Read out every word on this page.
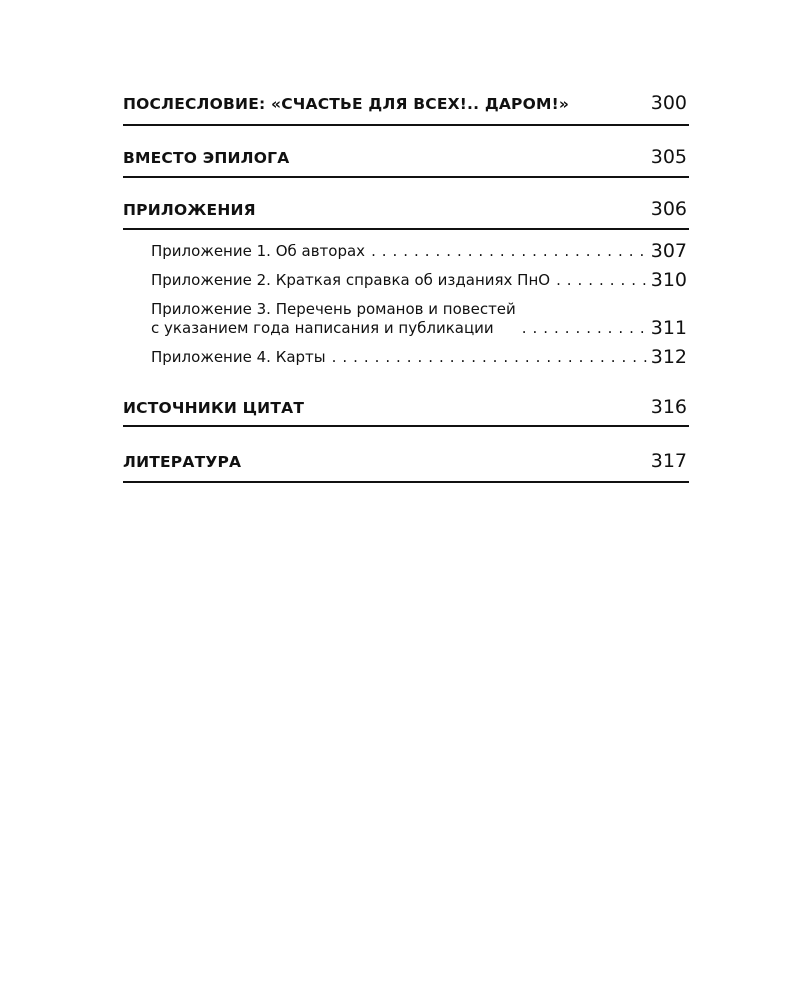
ПОСЛЕСЛОВИЕ: «СЧАСТЬЕ ДЛЯ ВСЕХ!.. ДАРОМ!»	300
ВМЕСТО ЭПИЛОГА	305
ПРИЛОЖЕНИЯ	306
Приложение 1. Об авторах . . .	307
Приложение 2. Краткая справка об изданиях ПнО . . .	310
Приложение 3. Перечень романов и повестей
с указанием года написания и публикации . . .	311
Приложение 4. Карты . . .	312
ИСТОЧНИКИ ЦИТАТ	316
ЛИТЕРАТУРА	317
